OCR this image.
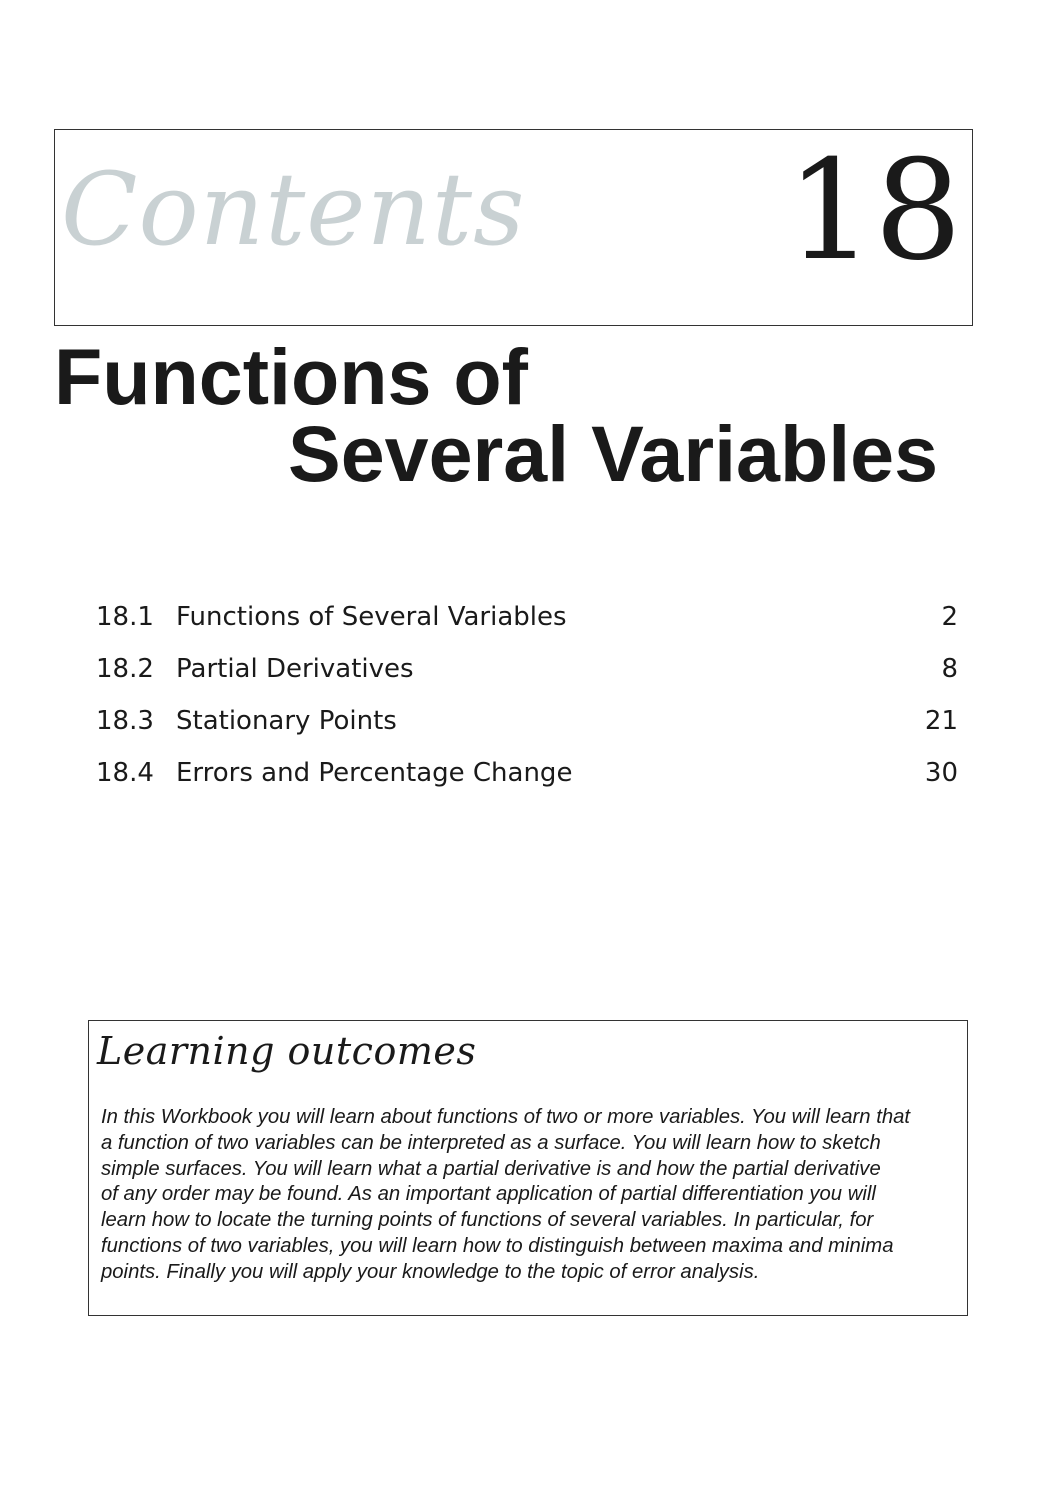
Contents 18
Functions of
Several Variables
18.1 Functions of Several Variables	2
18.2 Partial Derivatives	8
18.3 Stationary Points	21
18.4 Errors and Percentage Change	30
Learning outcomes
In this Workbook you will learn about functions of two or more variables. You will learn that
a function of two variables can be interpreted as a surface. You will learn how to sketch
simple surfaces. You will learn what a partial derivative is and how the partial derivative
of any order may be found. As an important application of partial differentiation you will
learn how to locate the turning points of functions of several variables. In particular, for
functions of two variables, you will learn how to distinguish between maxima and minima
points. Finally you will apply your knowledge to the topic of error analysis.
